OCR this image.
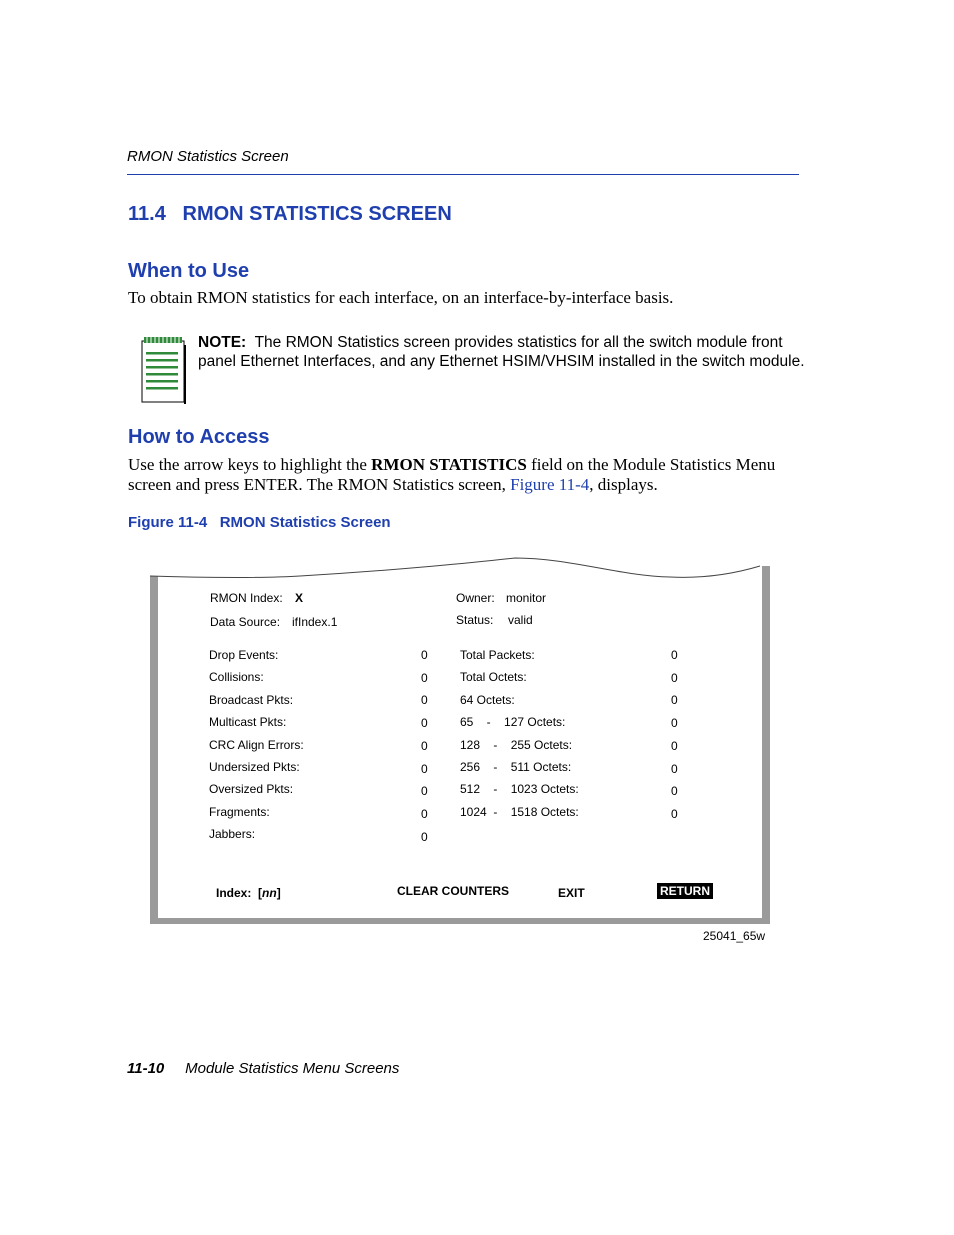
RMON Statistics Screen
11.4 RMON STATISTICS SCREEN
When to Use
To obtain RMON statistics for each interface, on an interface-by-interface basis.
NOTE: The RMON Statistics screen provides statistics for all the switch module front
panel Ethernet Interfaces, and any Ethernet HSIM/VHSIM installed in the switch module.
How to Access
Use the arrow keys to highlight the RMON STATISTICS field on the Module Statistics Menu
screen and press ENTER. The RMON Statistics screen, Figure 11-4, displays.
Figure 11-4   RMON Statistics Screen
RMON Index: X
Data Source: ifIndex.1
Owner: monitor
Status: valid
Drop Events:	0
Collisions:	0
Broadcast Pkts:	0
Multicast Pkts:	0
CRC Align Errors:	0
Undersized Pkts:	0
Oversized Pkts:	0
Fragments:	0
Jabbers:	0
Total Packets:	0
Total Octets:	0
64 Octets:	0
65    -    127 Octets:	0
128    -    255 Octets:	0
256    -    511 Octets:	0
512    -    1023 Octets:	0
1024  -    1518 Octets:	0
Index:  [nn]	CLEAR COUNTERS	EXIT	RETURN
25041_65w
11-10 Module Statistics Menu Screens
